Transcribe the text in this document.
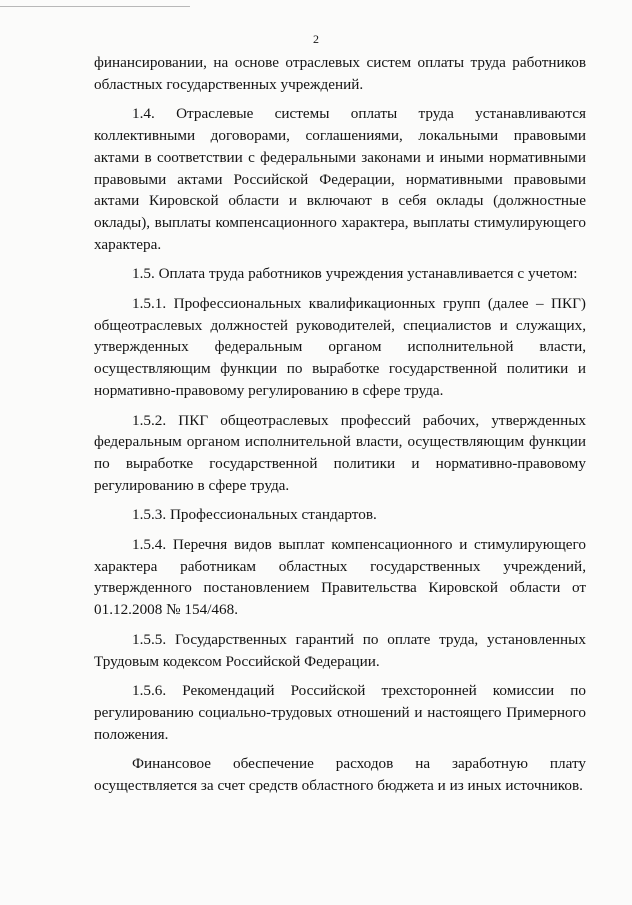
2

финансировании, на основе отраслевых систем оплаты труда работников областных государственных учреждений.

1.4. Отраслевые системы оплаты труда устанавливаются коллективными договорами, соглашениями, локальными правовыми актами в соответствии с федеральными законами и иными нормативными правовыми актами Российской Федерации, нормативными правовыми актами Кировской области и включают в себя оклады (должностные оклады), выплаты компенсационного характера, выплаты стимулирующего характера.

1.5. Оплата труда работников учреждения устанавливается с учетом:

1.5.1. Профессиональных квалификационных групп (далее – ПКГ) общеотраслевых должностей руководителей, специалистов и служащих, утвержденных федеральным органом исполнительной власти, осуществляющим функции по выработке государственной политики и нормативно-правовому регулированию в сфере труда.

1.5.2. ПКГ общеотраслевых профессий рабочих, утвержденных федеральным органом исполнительной власти, осуществляющим функции по выработке государственной политики и нормативно-правовому регулированию в сфере труда.

1.5.3. Профессиональных стандартов.

1.5.4. Перечня видов выплат компенсационного и стимулирующего характера работникам областных государственных учреждений, утвержденного постановлением Правительства Кировской области от 01.12.2008 № 154/468.

1.5.5. Государственных гарантий по оплате труда, установленных Трудовым кодексом Российской Федерации.

1.5.6. Рекомендаций Российской трехсторонней комиссии по регулированию социально-трудовых отношений и настоящего Примерного положения.

Финансовое обеспечение расходов на заработную плату осуществляется за счет средств областного бюджета и из иных источников.
